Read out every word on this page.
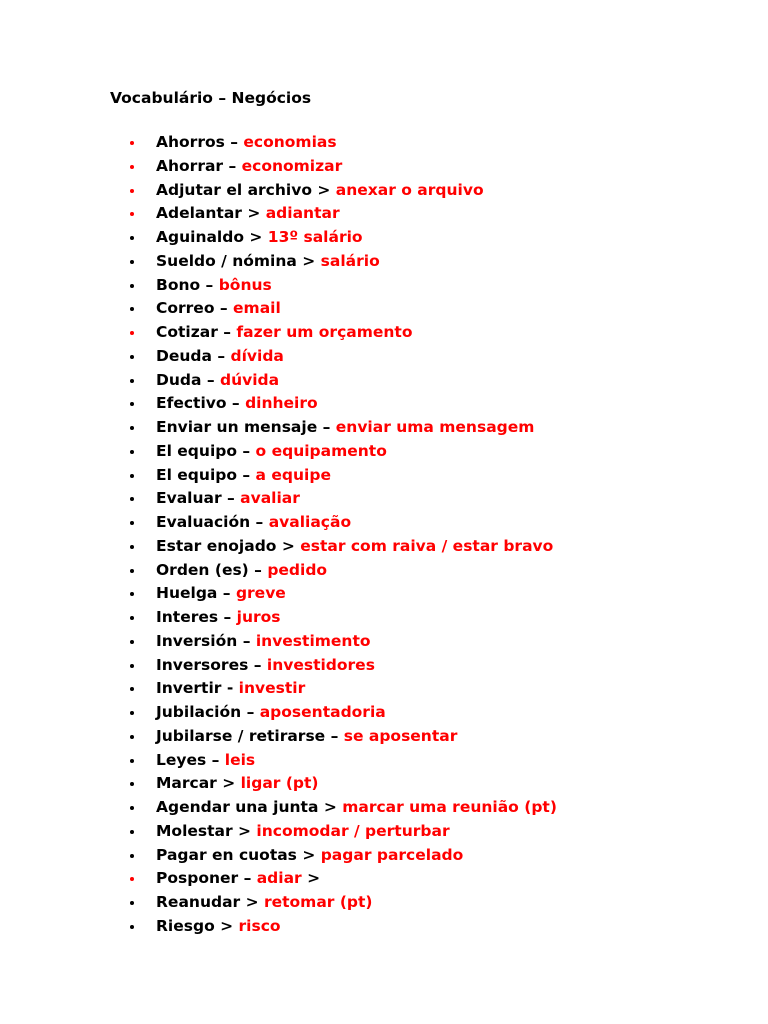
Vocabulário – Negócios
Ahorros – economias
Ahorrar – economizar
Adjutar el archivo > anexar o arquivo
Adelantar > adiantar
Aguinaldo > 13º salário
Sueldo / nómina > salário
Bono – bônus
Correo – email
Cotizar – fazer um orçamento
Deuda – dívida
Duda – dúvida
Efectivo – dinheiro
Enviar un mensaje – enviar uma mensagem
El equipo – o equipamento
El equipo – a equipe
Evaluar – avaliar
Evaluación – avaliação
Estar enojado > estar com raiva / estar bravo
Orden (es) – pedido
Huelga – greve
Interes – juros
Inversión – investimento
Inversores – investidores
Invertir - investir
Jubilación – aposentadoria
Jubilarse / retirarse – se aposentar
Leyes – leis
Marcar > ligar (pt)
Agendar una junta > marcar uma reunião (pt)
Molestar > incomodar / perturbar
Pagar en cuotas > pagar parcelado
Posponer – adiar >
Reanudar > retomar (pt)
Riesgo > risco
